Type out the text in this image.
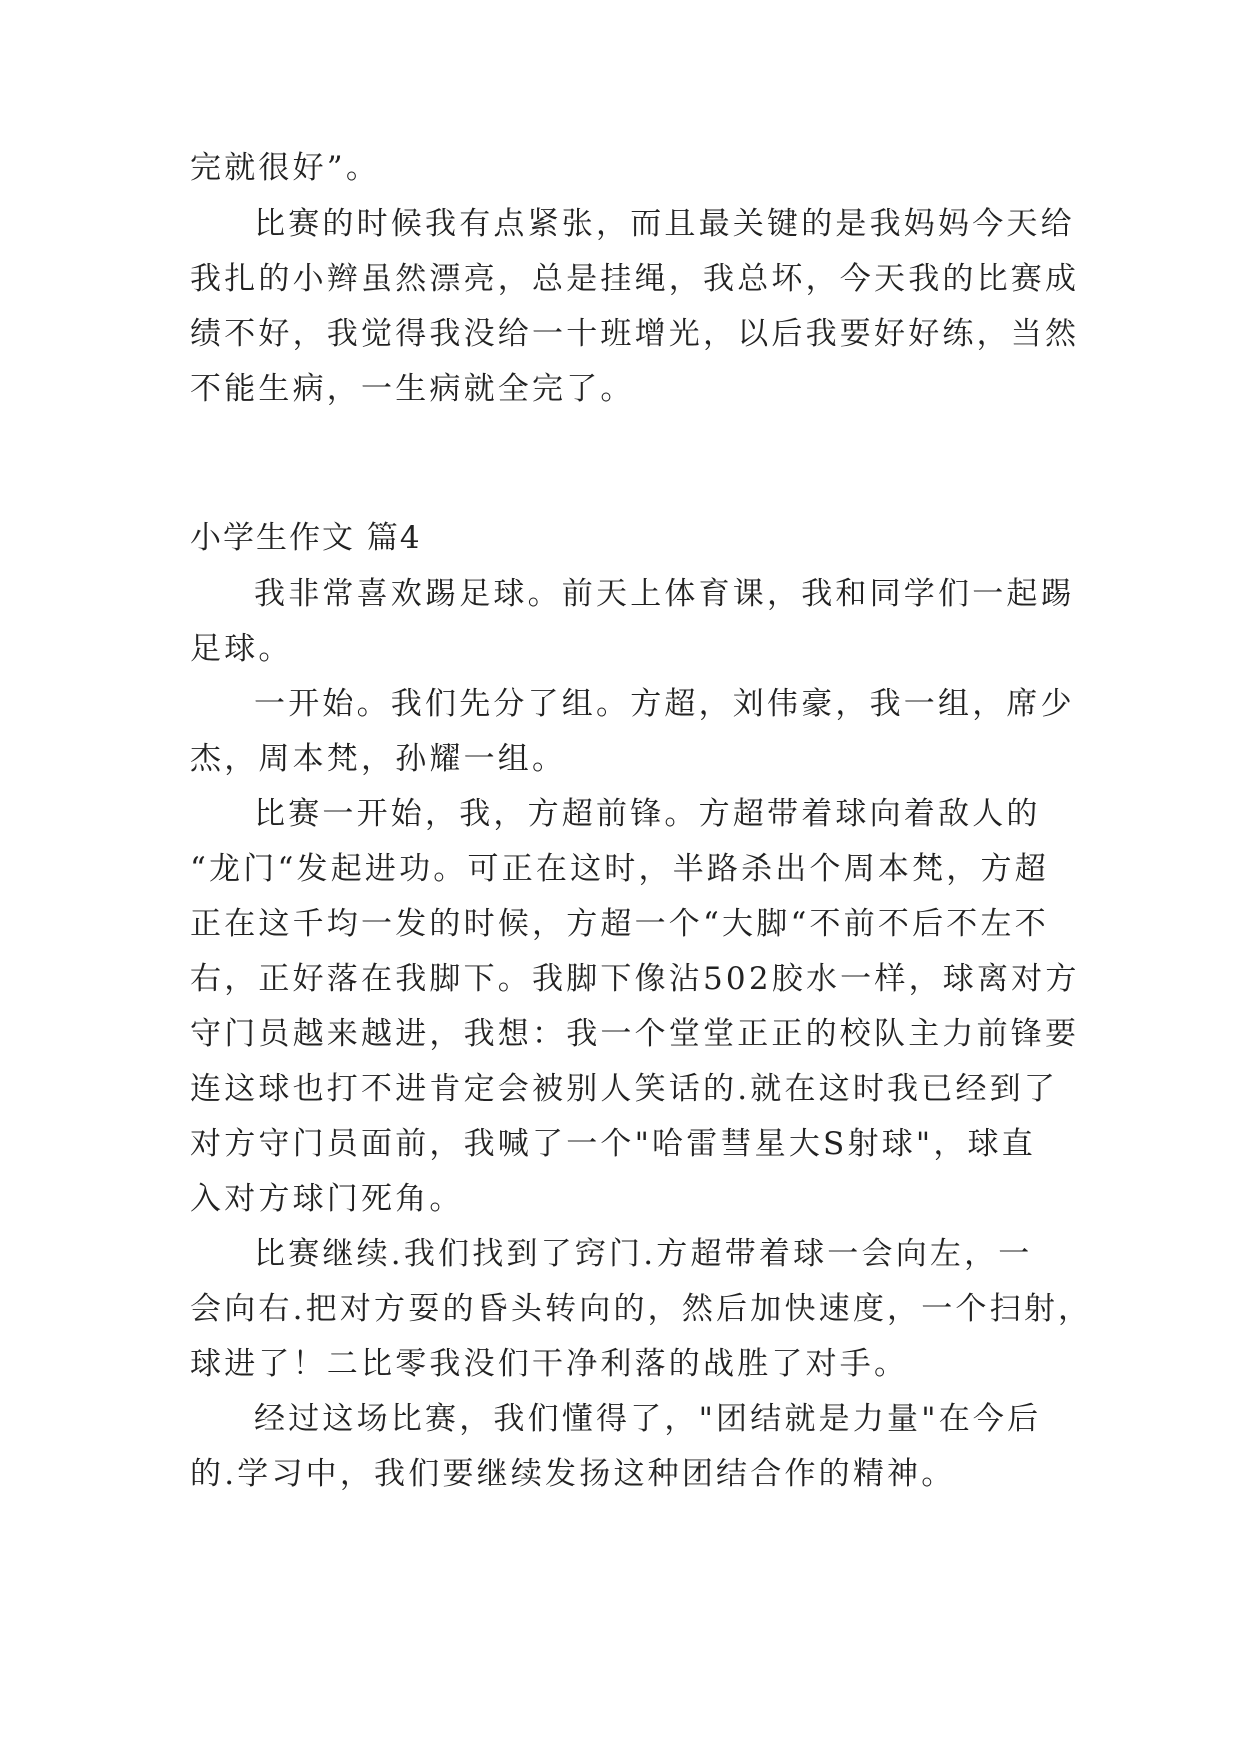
完就很好”。
比赛的时候我有点紧张，而且最关键的是我妈妈今天给
我扎的小辫虽然漂亮，总是挂绳，我总坏，今天我的比赛成
绩不好，我觉得我没给一十班增光，以后我要好好练，当然
不能生病，一生病就全完了。
小学生作文 篇4
我非常喜欢踢足球。前天上体育课，我和同学们一起踢
足球。
一开始。我们先分了组。方超，刘伟豪，我一组，席少
杰，周本梵，孙耀一组。
比赛一开始，我，方超前锋。方超带着球向着敌人的
“龙门“发起进功。可正在这时，半路杀出个周本梵，方超
正在这千均一发的时候，方超一个“大脚“不前不后不左不
右，正好落在我脚下。我脚下像沾502胶水一样，球离对方
守门员越来越进，我想：我一个堂堂正正的校队主力前锋要
连这球也打不进肯定会被别人笑话的.就在这时我已经到了
对方守门员面前，我喊了一个"哈雷彗星大S射球"，球直
入对方球门死角。
比赛继续.我们找到了窍门.方超带着球一会向左，一
会向右.把对方耍的昏头转向的，然后加快速度，一个扫射，
球进了！二比零我没们干净利落的战胜了对手。
经过这场比赛，我们懂得了，"团结就是力量"在今后
的.学习中，我们要继续发扬这种团结合作的精神。
